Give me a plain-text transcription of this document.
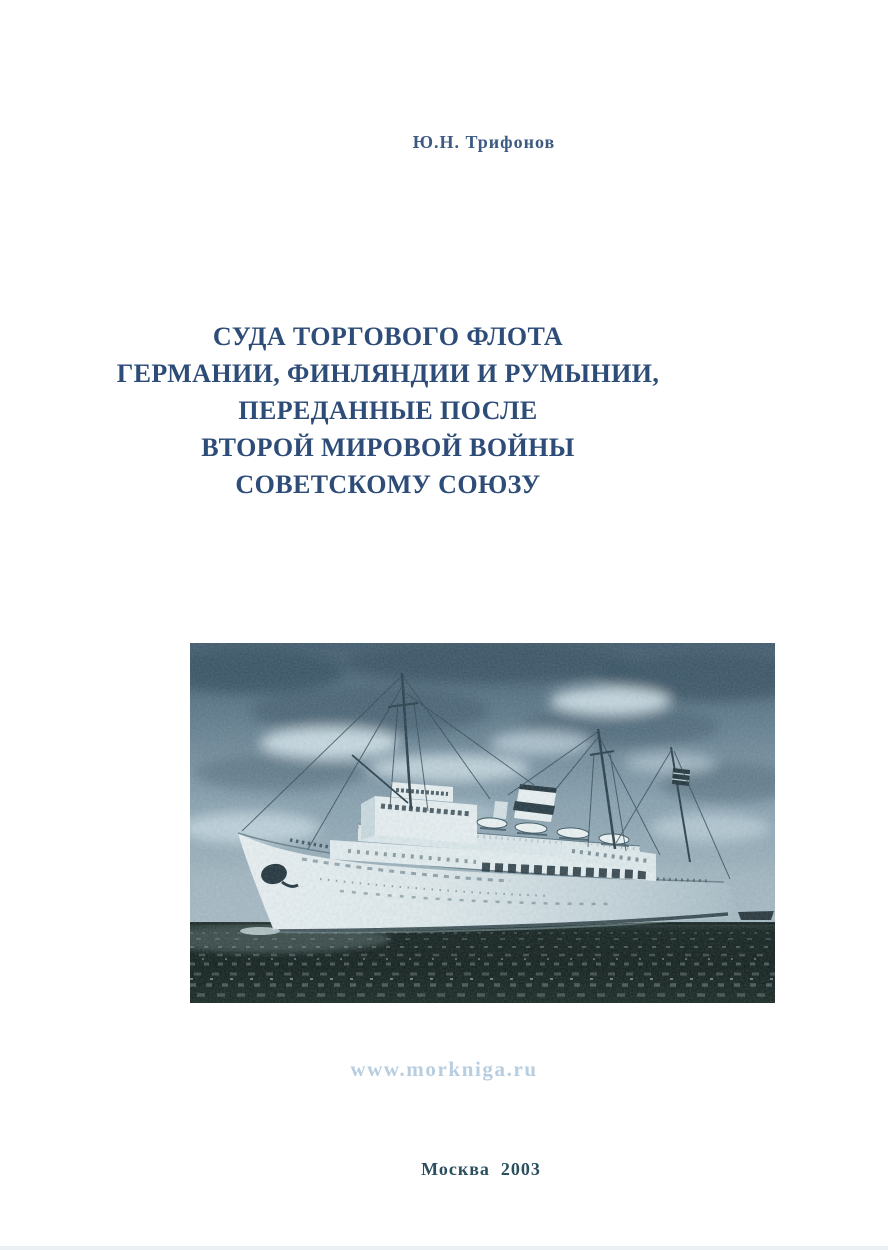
Ю.Н. Трифонов
СУДА ТОРГОВОГО ФЛОТА
ГЕРМАНИИ, ФИНЛЯНДИИ И РУМЫНИИ,
ПЕРЕДАННЫЕ ПОСЛЕ
ВТОРОЙ МИРОВОЙ ВОЙНЫ
СОВЕТСКОМУ СОЮЗУ
www.morkniga.ru
Москва  2003
